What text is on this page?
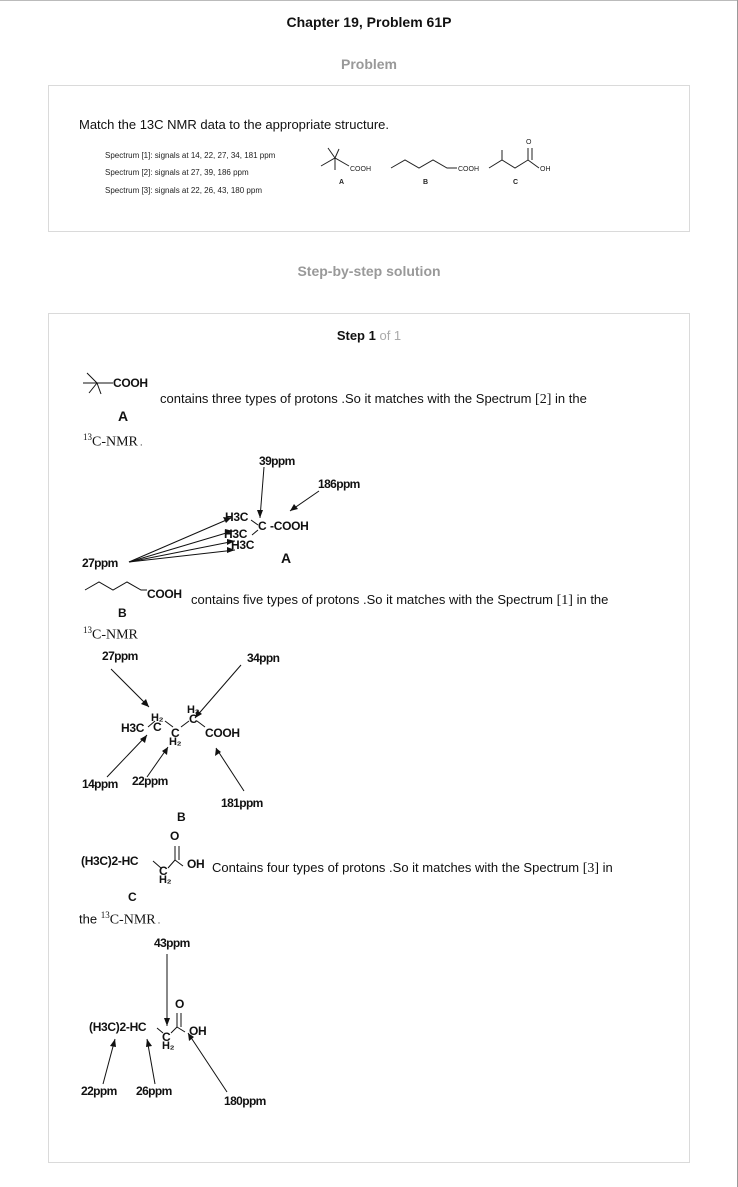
Chapter 19, Problem 61P
Problem
Match the 13C NMR data to the appropriate structure.
Spectrum [1]: signals at 14, 22, 27, 34, 181 ppm
Spectrum [2]: signals at 27, 39, 186 ppm
Spectrum [3]: signals at 22, 26, 43, 180 ppm
COOH
A
COOH
B
O
OH
C
Step-by-step solution
Step 1 of 1
COOH
A
contains three types of protons .So it matches with the Spectrum [2] in the
$^{13}$C-NMR .
39ppm
186ppm
27ppm
H3C
H3C
H3C
C -COOH
A
COOH
B
contains five types of protons .So it matches with the Spectrum [1] in the
$^{13}$C-NMR
27ppm	34ppn
14ppm 22ppm
181ppm
H3C
H₂
C C
H₂
H₂
C
COOH
B
O
(H3C)2-HC
C
H₂
OH
C
Contains four types of protons .So it matches with the Spectrum [3] in
the $^{13}$C-NMR .
43ppm
O
(H3C)2-HC
C
H₂
OH
22ppm 26ppm
180ppm
